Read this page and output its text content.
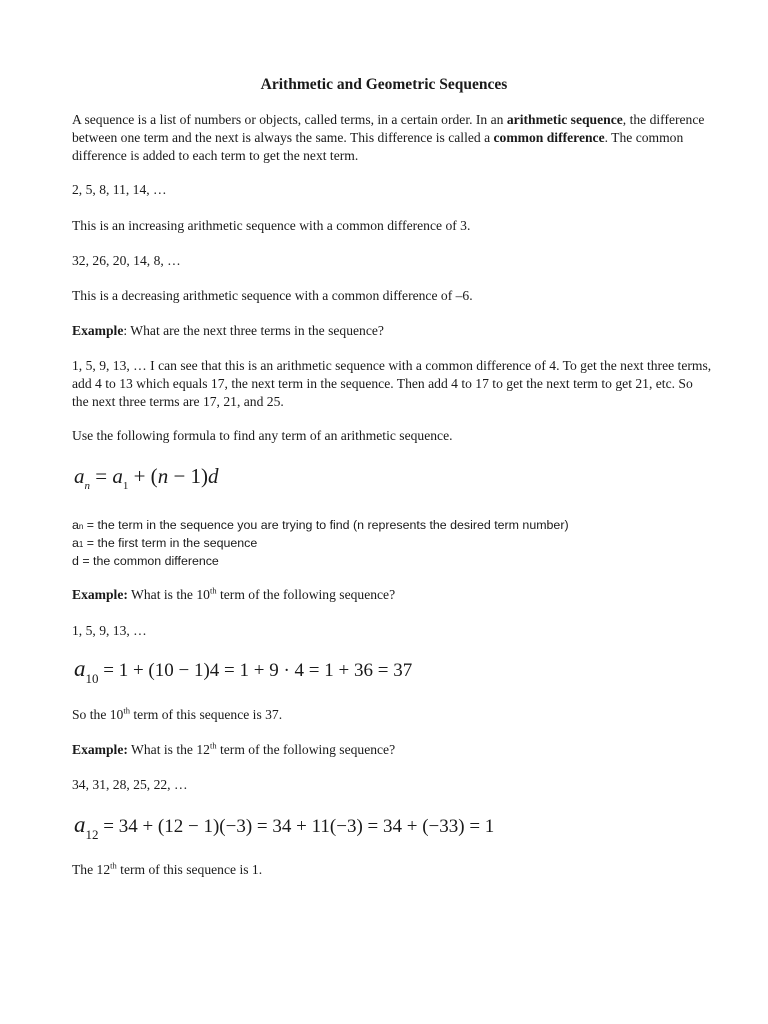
Arithmetic and Geometric Sequences

A sequence is a list of numbers or objects, called terms, in a certain order. In an arithmetic sequence, the difference between one term and the next is always the same. This difference is called a common difference. The common difference is added to each term to get the next term.

2, 5, 8, 11, 14, …
This is an increasing arithmetic sequence with a common difference of 3.
32, 26, 20, 14, 8, …
This is a decreasing arithmetic sequence with a common difference of –6.
Example: What are the next three terms in the sequence?

1, 5, 9, 13, … I can see that this is an arithmetic sequence with a common difference of 4. To get the next three terms, add 4 to 13 which equals 17, the next term in the sequence. Then add 4 to 17 to get the next term to get 21, etc. So the next three terms are 17, 21, and 25.

Use the following formula to find any term of an arithmetic sequence.
$a_n = a_1 + (n - 1)d$
an = the term in the sequence you are trying to find (n represents the desired term number)
a1 = the first term in the sequence
d = the common difference
Example: What is the 10th term of the following sequence?
1, 5, 9, 13, …
$a_{10} = 1 + (10 - 1)4 = 1 + 9 \cdot 4 = 1 + 36 = 37$
So the 10th term of this sequence is 37.
Example: What is the 12th term of the following sequence?
34, 31, 28, 25, 22, …
$a_{12} = 34 + (12 - 1)(-3) = 34 + 11(-3) = 34 + (-33) = 1$
The 12th term of this sequence is 1.
